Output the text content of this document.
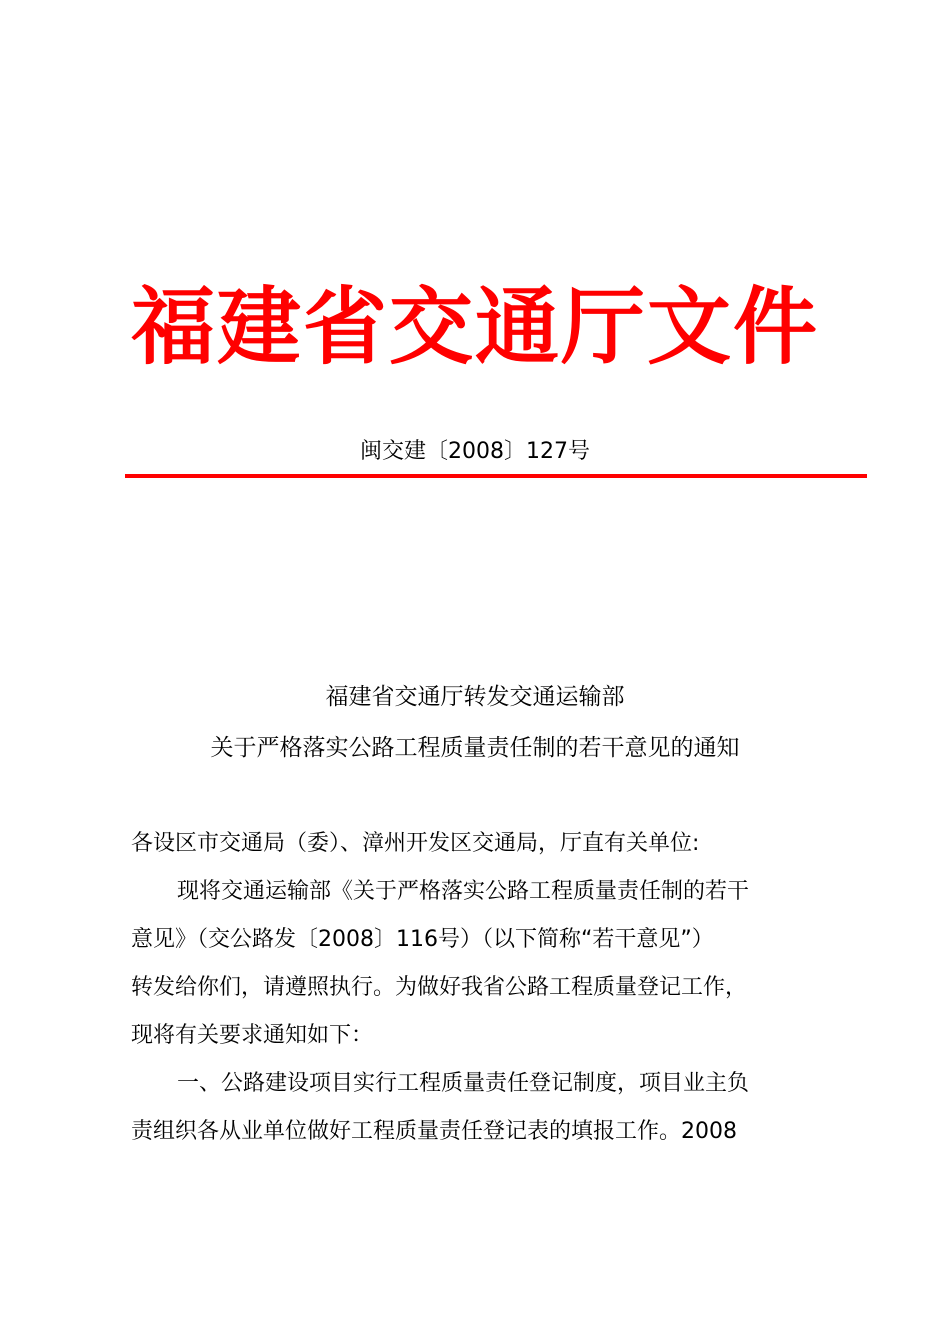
福建省交通厅文件
闽交建〔2008〕127号
福建省交通厅转发交通运输部
关于严格落实公路工程质量责任制的若干意见的通知
各设区市交通局（委）、漳州开发区交通局，厅直有关单位:
现将交通运输部《关于严格落实公路工程质量责任制的若干
意见》（交公路发〔2008〕116号）（以下简称“若干意见”）
转发给你们，请遵照执行。为做好我省公路工程质量登记工作，
现将有关要求通知如下：
一、公路建设项目实行工程质量责任登记制度，项目业主负
责组织各从业单位做好工程质量责任登记表的填报工作。2008
